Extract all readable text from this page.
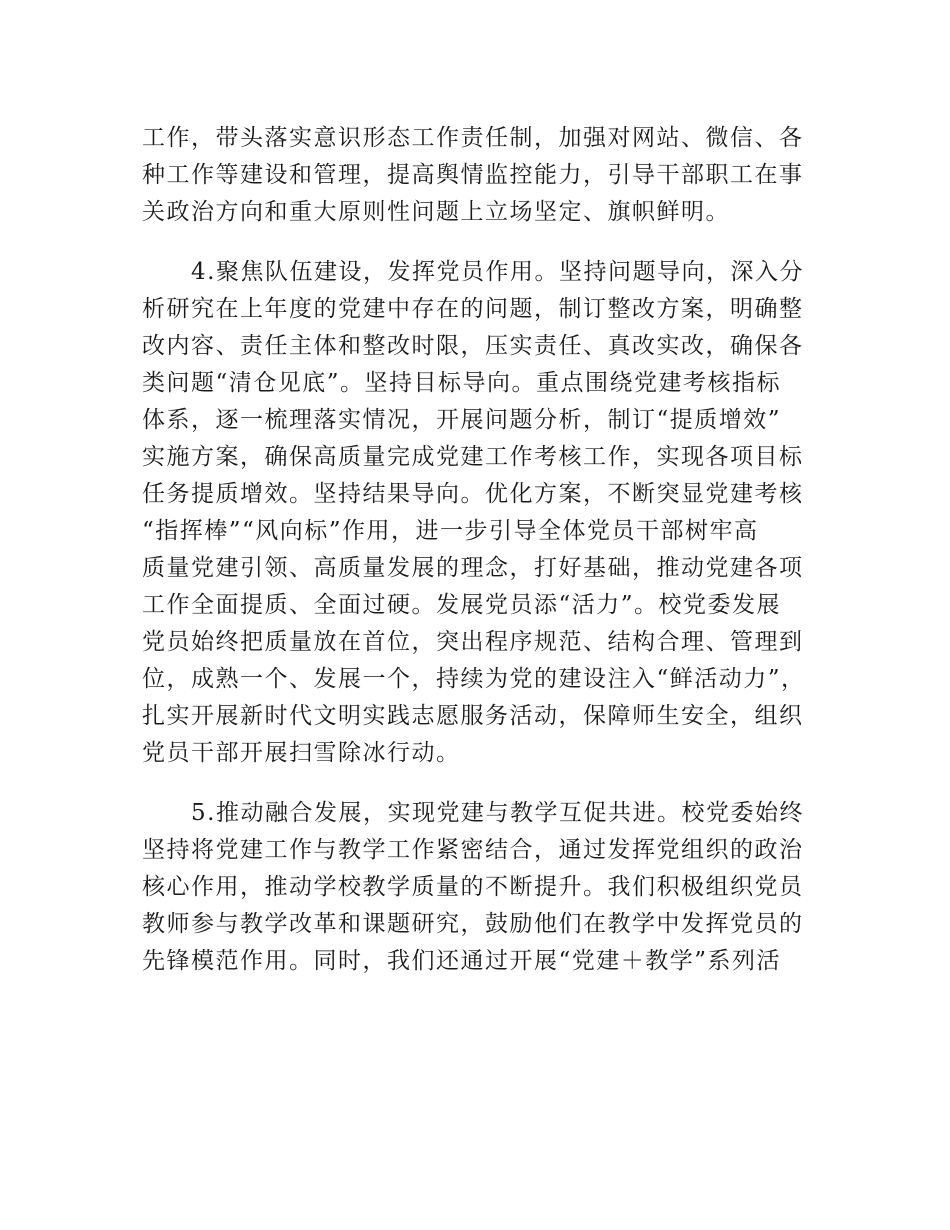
工作，带头落实意识形态工作责任制，加强对网站、微信、各

种工作等建设和管理，提高舆情监控能力，引导干部职工在事

关政治方向和重大原则性问题上立场坚定、旗帜鲜明。

　　4.聚焦队伍建设，发挥党员作用。坚持问题导向，深入分

析研究在上年度的党建中存在的问题，制订整改方案，明确整

改内容、责任主体和整改时限，压实责任、真改实改，确保各

类问题“清仓见底”。坚持目标导向。重点围绕党建考核指标

体系，逐一梳理落实情况，开展问题分析，制订“提质增效”

实施方案，确保高质量完成党建工作考核工作，实现各项目标

任务提质增效。坚持结果导向。优化方案，不断突显党建考核

“指挥棒”“风向标”作用，进一步引导全体党员干部树牢高

质量党建引领、高质量发展的理念，打好基础，推动党建各项

工作全面提质、全面过硬。发展党员添“活力”。校党委发展

党员始终把质量放在首位，突出程序规范、结构合理、管理到

位，成熟一个、发展一个，持续为党的建设注入“鲜活动力”，

扎实开展新时代文明实践志愿服务活动，保障师生安全，组织

党员干部开展扫雪除冰行动。

　　5.推动融合发展，实现党建与教学互促共进。校党委始终

坚持将党建工作与教学工作紧密结合，通过发挥党组织的政治

核心作用，推动学校教学质量的不断提升。我们积极组织党员

教师参与教学改革和课题研究，鼓励他们在教学中发挥党员的

先锋模范作用。同时，我们还通过开展“党建＋教学”系列活
